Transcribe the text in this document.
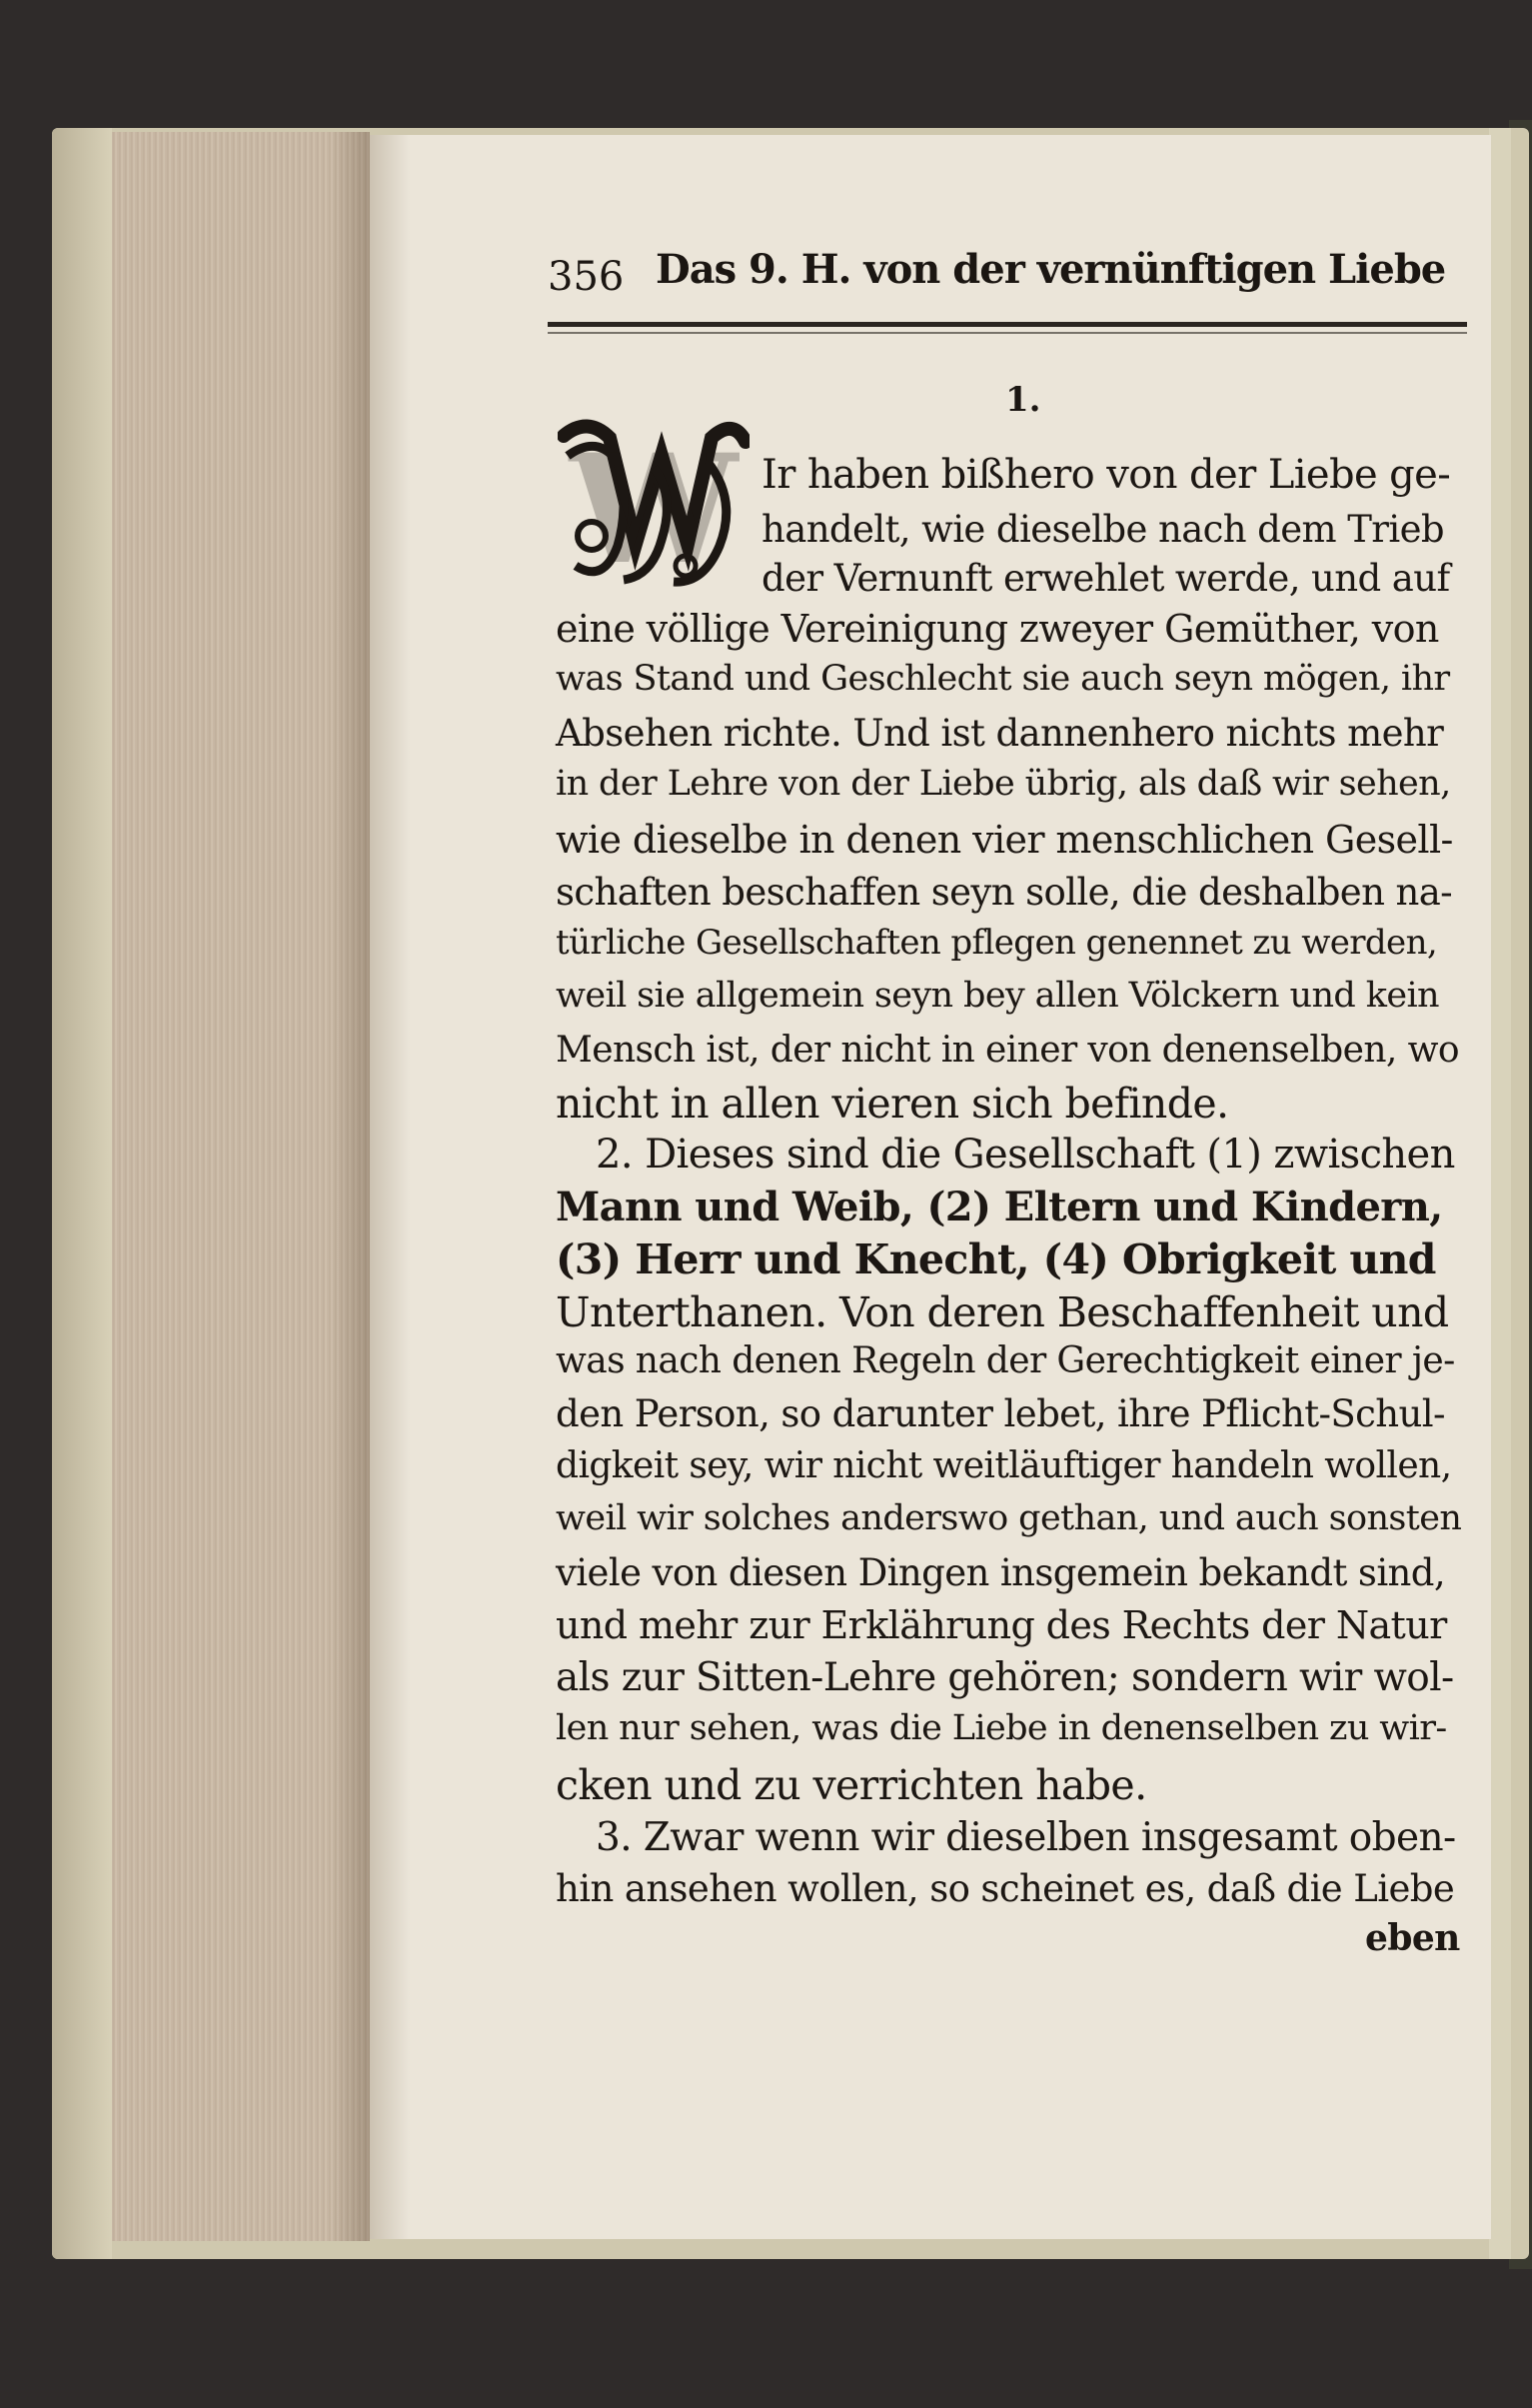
356 Das 9. H. von der vernünftigen Liebe
1.
W Ir haben bißhero von der Liebe ge-
handelt, wie dieselbe nach dem Trieb
der Vernunft erwehlet werde, und auf
eine völlige Vereinigung zweyer Gemüther, von
was Stand und Geschlecht sie auch seyn mögen, ihr
Absehen richte. Und ist dannenhero nichts mehr
in der Lehre von der Liebe übrig, als daß wir sehen,
wie dieselbe in denen vier menschlichen Gesell-
schaften beschaffen seyn solle, die deshalben na-
türliche Gesellschaften pflegen genennet zu werden,
weil sie allgemein seyn bey allen Völckern und kein
Mensch ist, der nicht in einer von denenselben, wo
nicht in allen vieren sich befinde.
2. Dieses sind die Gesellschaft (1) zwischen
Mann und Weib, (2) Eltern und Kindern,
(3) Herr und Knecht, (4) Obrigkeit und
Unterthanen. Von deren Beschaffenheit und
was nach denen Regeln der Gerechtigkeit einer je-
den Person, so darunter lebet, ihre Pflicht-Schul-
digkeit sey, wir nicht weitläuftiger handeln wollen,
weil wir solches anderswo gethan, und auch sonsten
viele von diesen Dingen insgemein bekandt sind,
und mehr zur Erklährung des Rechts der Natur
als zur Sitten-Lehre gehören; sondern wir wol-
len nur sehen, was die Liebe in denenselben zu wir-
cken und zu verrichten habe.
3. Zwar wenn wir dieselben insgesamt oben-
hin ansehen wollen, so scheinet es, daß die Liebe
eben
